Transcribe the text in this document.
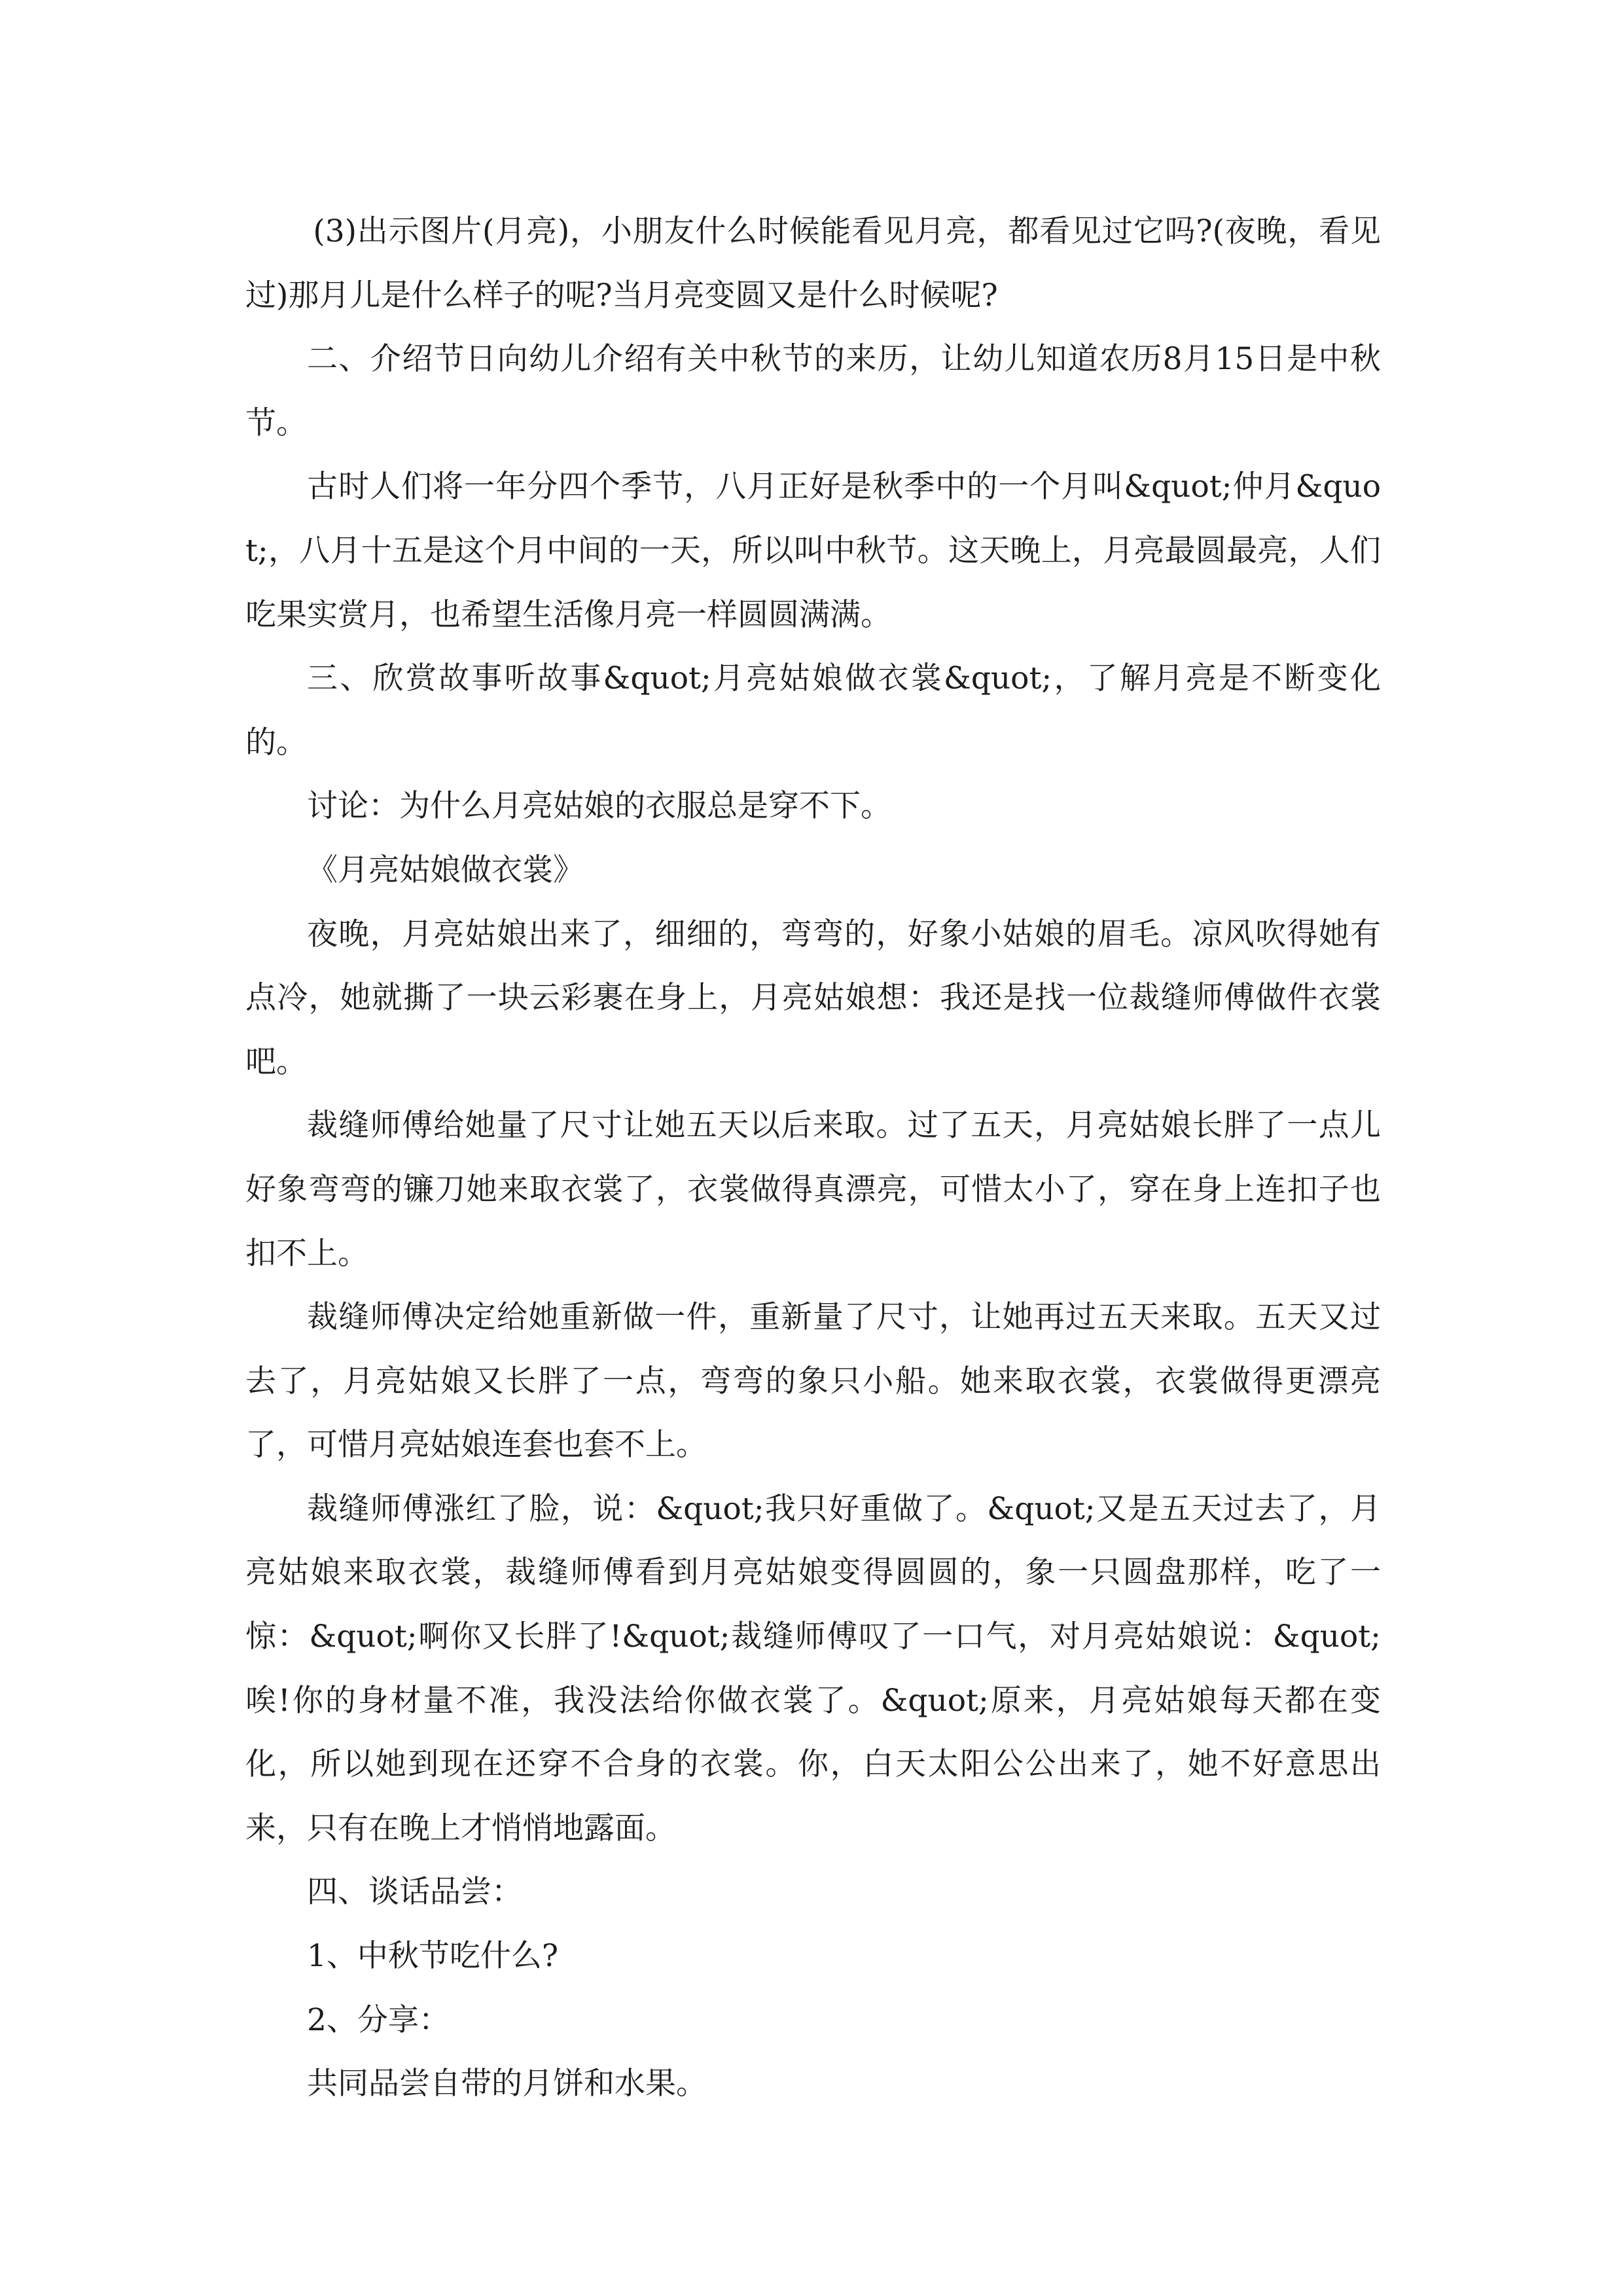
(3)出示图片(月亮)，小朋友什么时候能看见月亮，都看见过它吗?(夜晚，看见过)那月儿是什么样子的呢?当月亮变圆又是什么时候呢?

二、介绍节日向幼儿介绍有关中秋节的来历，让幼儿知道农历8月15日是中秋节。

古时人们将一年分四个季节，八月正好是秋季中的一个月叫&quot;仲月&quot;，八月十五是这个月中间的一天，所以叫中秋节。这天晚上，月亮最圆最亮，人们吃果实赏月，也希望生活像月亮一样圆圆满满。

三、欣赏故事听故事&quot;月亮姑娘做衣裳&quot;，了解月亮是不断变化的。

讨论：为什么月亮姑娘的衣服总是穿不下。

《月亮姑娘做衣裳》

夜晚，月亮姑娘出来了，细细的，弯弯的，好象小姑娘的眉毛。凉风吹得她有点冷，她就撕了一块云彩裹在身上，月亮姑娘想：我还是找一位裁缝师傅做件衣裳吧。

裁缝师傅给她量了尺寸让她五天以后来取。过了五天，月亮姑娘长胖了一点儿好象弯弯的镰刀她来取衣裳了，衣裳做得真漂亮，可惜太小了，穿在身上连扣子也扣不上。

裁缝师傅决定给她重新做一件，重新量了尺寸，让她再过五天来取。五天又过去了，月亮姑娘又长胖了一点，弯弯的象只小船。她来取衣裳，衣裳做得更漂亮了，可惜月亮姑娘连套也套不上。

裁缝师傅涨红了脸，说：&quot;我只好重做了。&quot;又是五天过去了，月亮姑娘来取衣裳，裁缝师傅看到月亮姑娘变得圆圆的，象一只圆盘那样，吃了一惊：&quot;啊你又长胖了!&quot;裁缝师傅叹了一口气，对月亮姑娘说：&quot;唉!你的身材量不准，我没法给你做衣裳了。&quot;原来，月亮姑娘每天都在变化，所以她到现在还穿不合身的衣裳。你，白天太阳公公出来了，她不好意思出来，只有在晚上才悄悄地露面。

四、谈话品尝：

1、中秋节吃什么?

2、分享：

共同品尝自带的月饼和水果。
